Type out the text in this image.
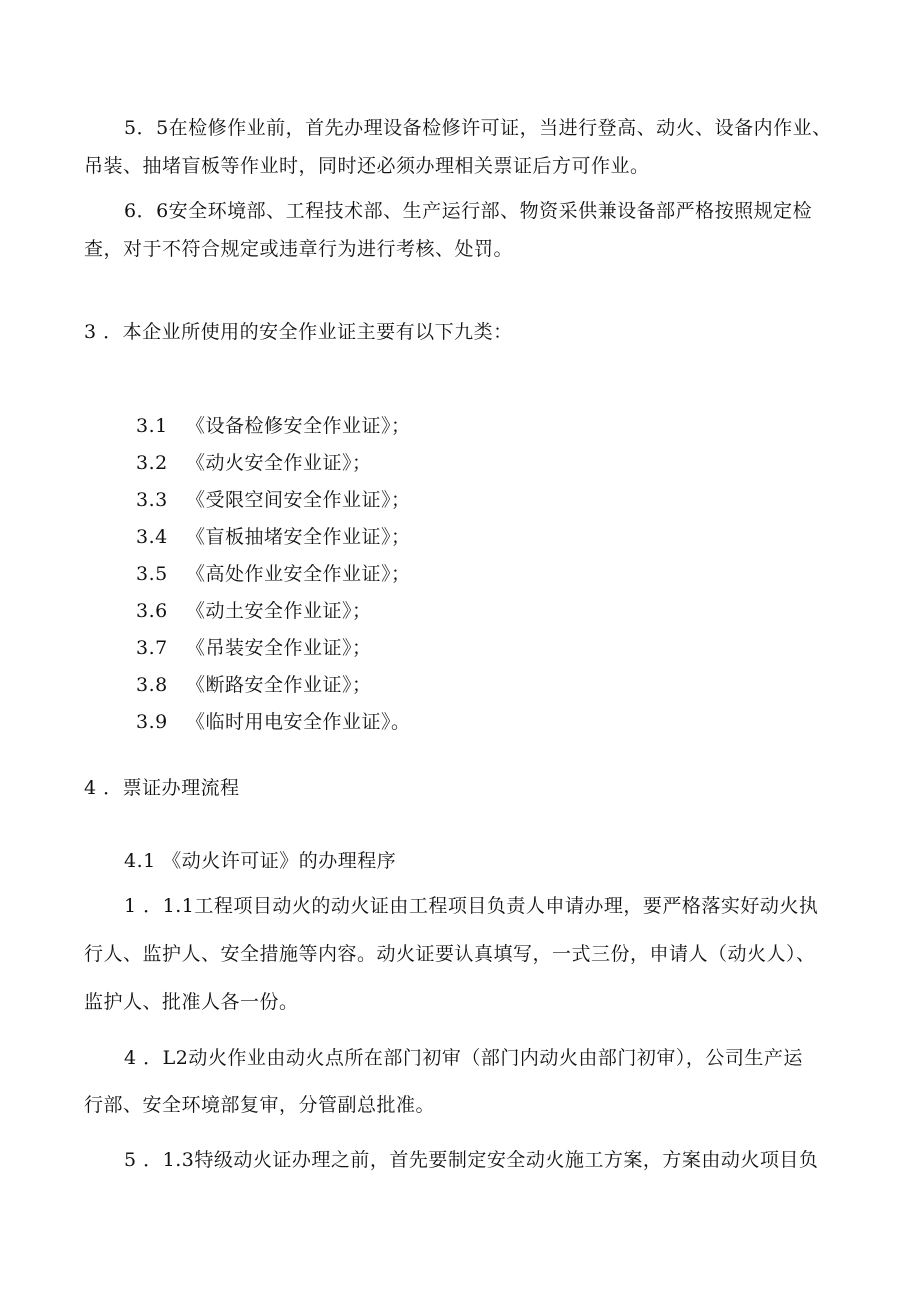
5．5在检修作业前，首先办理设备检修许可证，当进行登高、动火、设备内作业、
吊装、抽堵盲板等作业时，同时还必须办理相关票证后方可作业。
6．6安全环境部、工程技术部、生产运行部、物资采供兼设备部严格按照规定检
查，对于不符合规定或违章行为进行考核、处罚。
3 ．本企业所使用的安全作业证主要有以下九类：
3.1 《设备检修安全作业证》；
3.2 《动火安全作业证》；
3.3 《受限空间安全作业证》；
3.4 《盲板抽堵安全作业证》；
3.5 《高处作业安全作业证》；
3.6 《动土安全作业证》；
3.7 《吊装安全作业证》；
3.8 《断路安全作业证》；
3.9 《临时用电安全作业证》。
4 ．票证办理流程
4.1 《动火许可证》的办理程序
1 ．1.1工程项目动火的动火证由工程项目负责人申请办理，要严格落实好动火执
行人、监护人、安全措施等内容。动火证要认真填写，一式三份，申请人（动火人）、
监护人、批准人各一份。
4 ．L2动火作业由动火点所在部门初审（部门内动火由部门初审），公司生产运
行部、安全环境部复审，分管副总批准。
5 ．1.3特级动火证办理之前，首先要制定安全动火施工方案，方案由动火项目负
